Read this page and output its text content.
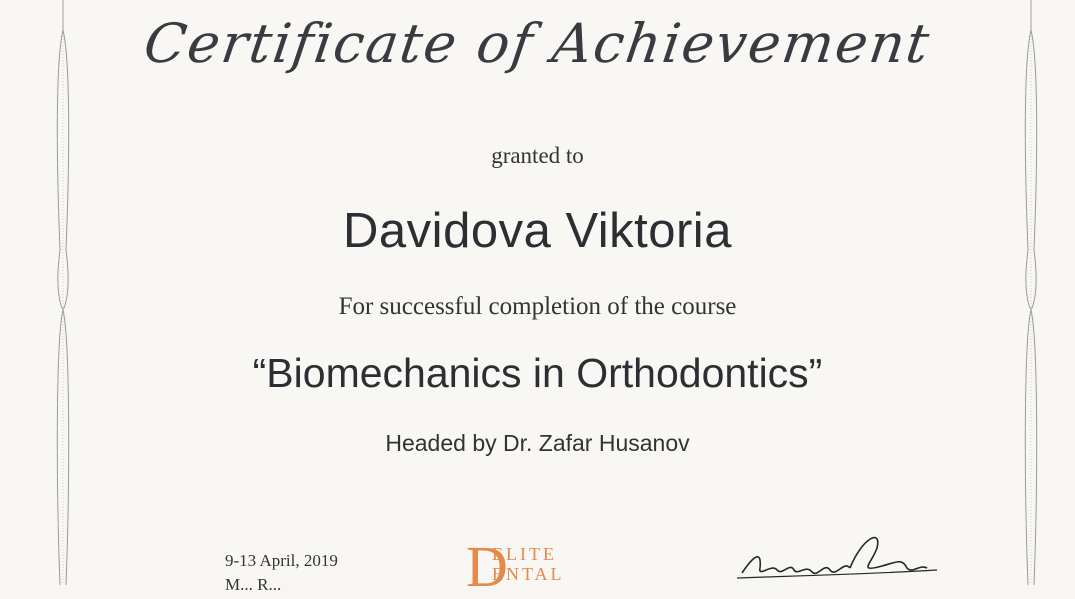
Certificate of Achievement
granted to
Davidova Viktoria
For successful completion of the course
“Biomechanics in Orthodontics”
Headed by Dr. Zafar Husanov
9-13 April, 2019
M... R...	D
ELITE
ENTAL
